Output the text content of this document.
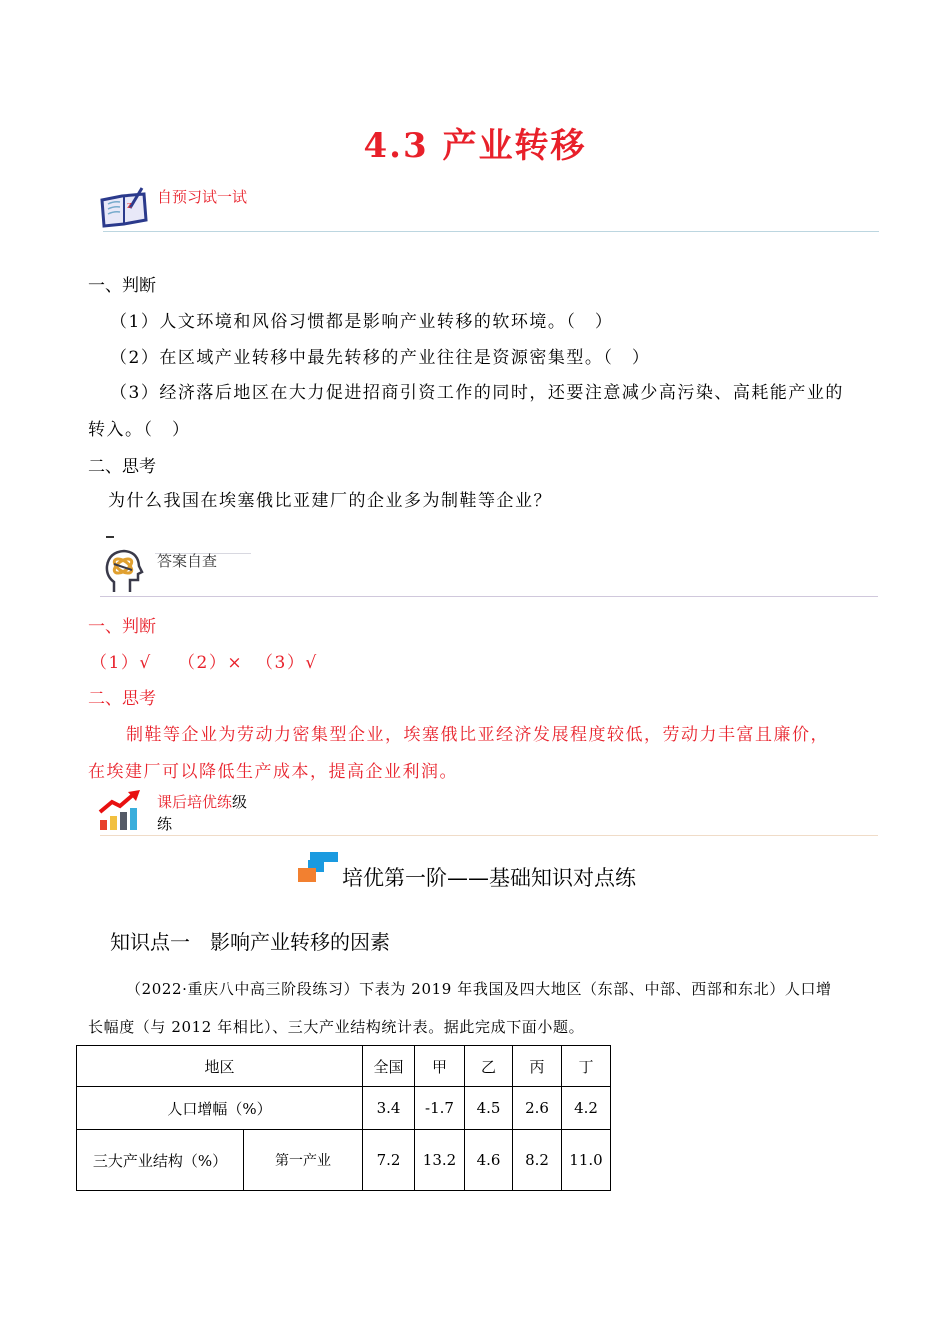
4.3 产业转移
z 自预习试一试
一、判断
（1）人文环境和风俗习惯都是影响产业转移的软环境。（　）
（2）在区域产业转移中最先转移的产业往往是资源密集型。（　）
（3）经济落后地区在大力促进招商引资工作的同时，还要注意减少高污染、高耗能产业的
转入。（　）
二、思考
为什么我国在埃塞俄比亚建厂的企业多为制鞋等企业？
答案自查
一、判断
（1）√ （2）× （3）√
二、思考
制鞋等企业为劳动力密集型企业，埃塞俄比亚经济发展程度较低，劳动力丰富且廉价，
在埃建厂可以降低生产成本，提高企业利润。
课后培优练级
练
培优第一阶——基础知识对点练
知识点一　影响产业转移的因素
（2022·重庆八中高三阶段练习）下表为 2019 年我国及四大地区（东部、中部、西部和东北）人口增
长幅度（与 2012 年相比）、三大产业结构统计表。据此完成下面小题。
地区		全国	甲	乙	丙	丁
人口增幅（%）		3.4	-1.7	4.5	2.6	4.2
三大产业结构（%）	第一产业	7.2	13.2	4.6	8.2	11.0
